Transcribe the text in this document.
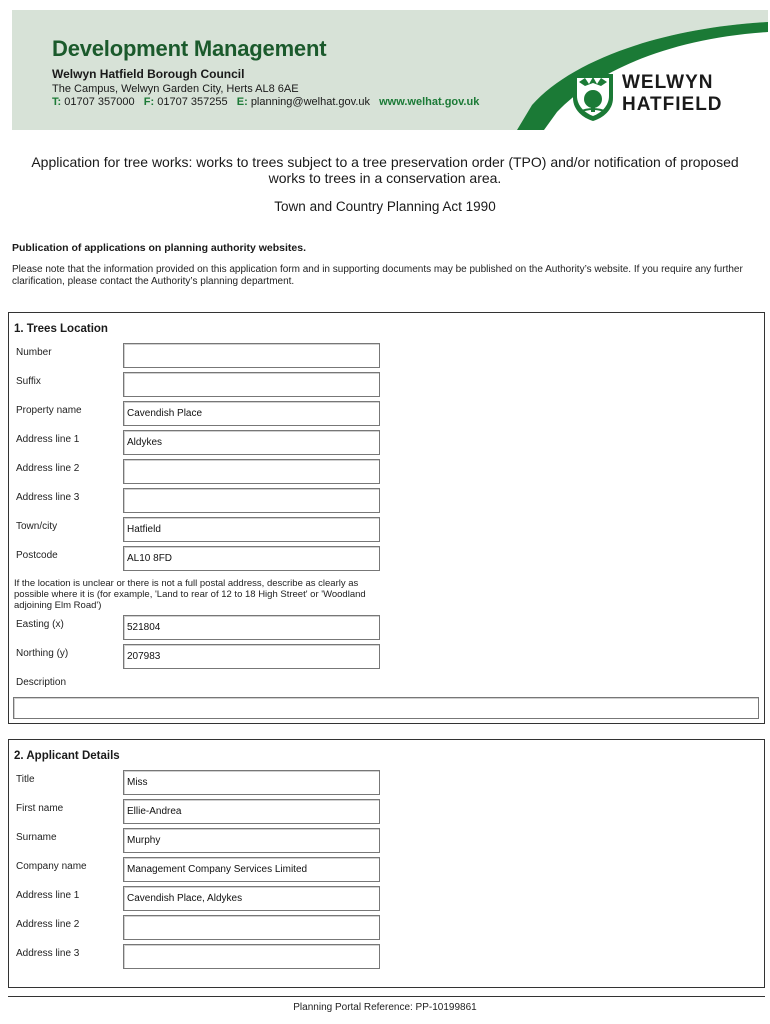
Development Management
Welwyn Hatfield Borough Council
The Campus, Welwyn Garden City, Herts AL8 6AE
T: 01707 357000 F: 01707 357255 E: planning@welhat.gov.uk www.welhat.gov.uk
WELWYN
HATFIELD
Application for tree works: works to trees subject to a tree preservation order (TPO) and/or notification of proposed works to trees in a conservation area.
Town and Country Planning Act 1990
Publication of applications on planning authority websites.
Please note that the information provided on this application form and in supporting documents may be published on the Authority’s website. If you require any further clarification, please contact the Authority’s planning department.
1. Trees Location
Number
Suffix
Property name	Cavendish Place
Address line 1	Aldykes
Address line 2
Address line 3
Town/city	Hatfield
Postcode	AL10 8FD
If the location is unclear or there is not a full postal address, describe as clearly as possible where it is (for example, 'Land to rear of 12 to 18 High Street' or 'Woodland adjoining Elm Road')
Easting (x)	521804
Northing (y)	207983
Description
2. Applicant Details
Title	Miss
First name	Ellie-Andrea
Surname	Murphy
Company name	Management Company Services Limited
Address line 1	Cavendish Place, Aldykes
Address line 2
Address line 3
Planning Portal Reference: PP-10199861
